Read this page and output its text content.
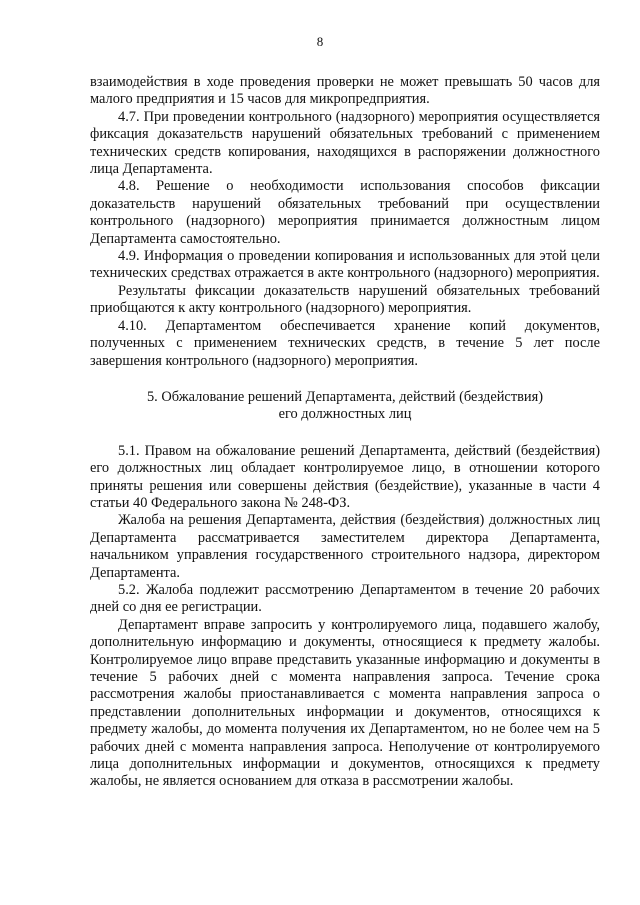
8

взаимодействия в ходе проведения проверки не может превышать 50 часов для малого предприятия и 15 часов для микропредприятия.

4.7. При проведении контрольного (надзорного) мероприятия осуществляется фиксация доказательств нарушений обязательных требований с применением технических средств копирования, находящихся в распоряжении должностного лица Департамента.

4.8. Решение о необходимости использования способов фиксации доказательств нарушений обязательных требований при осуществлении контрольного (надзорного) мероприятия принимается должностным лицом Департамента самостоятельно.

4.9. Информация о проведении копирования и использованных для этой цели технических средствах отражается в акте контрольного (надзорного) мероприятия.

Результаты фиксации доказательств нарушений обязательных требований приобщаются к акту контрольного (надзорного) мероприятия.

4.10. Департаментом обеспечивается хранение копий документов, полученных с применением технических средств, в течение 5 лет после завершения контрольного (надзорного) мероприятия.

5. Обжалование решений Департамента, действий (бездействия)

его должностных лиц

5.1. Правом на обжалование решений Департамента, действий (бездействия) его должностных лиц обладает контролируемое лицо, в отношении которого приняты решения или совершены действия (бездействие), указанные в части 4 статьи 40 Федерального закона № 248-ФЗ.

Жалоба на решения Департамента, действия (бездействия) должностных лиц Департамента рассматривается заместителем директора Департамента, начальником управления государственного строительного надзора, директором Департамента.

5.2. Жалоба подлежит рассмотрению Департаментом в течение 20 рабочих дней со дня ее регистрации.

Департамент вправе запросить у контролируемого лица, подавшего жалобу, дополнительную информацию и документы, относящиеся к предмету жалобы. Контролируемое лицо вправе представить указанные информацию и документы в течение 5 рабочих дней с момента направления запроса. Течение срока рассмотрения жалобы приостанавливается с момента направления запроса о представлении дополнительных информации и документов, относящихся к предмету жалобы, до момента получения их Департаментом, но не более чем на 5 рабочих дней с момента направления запроса. Неполучение от контролируемого лица дополнительных информации и документов, относящихся к предмету жалобы, не является основанием для отказа в рассмотрении жалобы.
